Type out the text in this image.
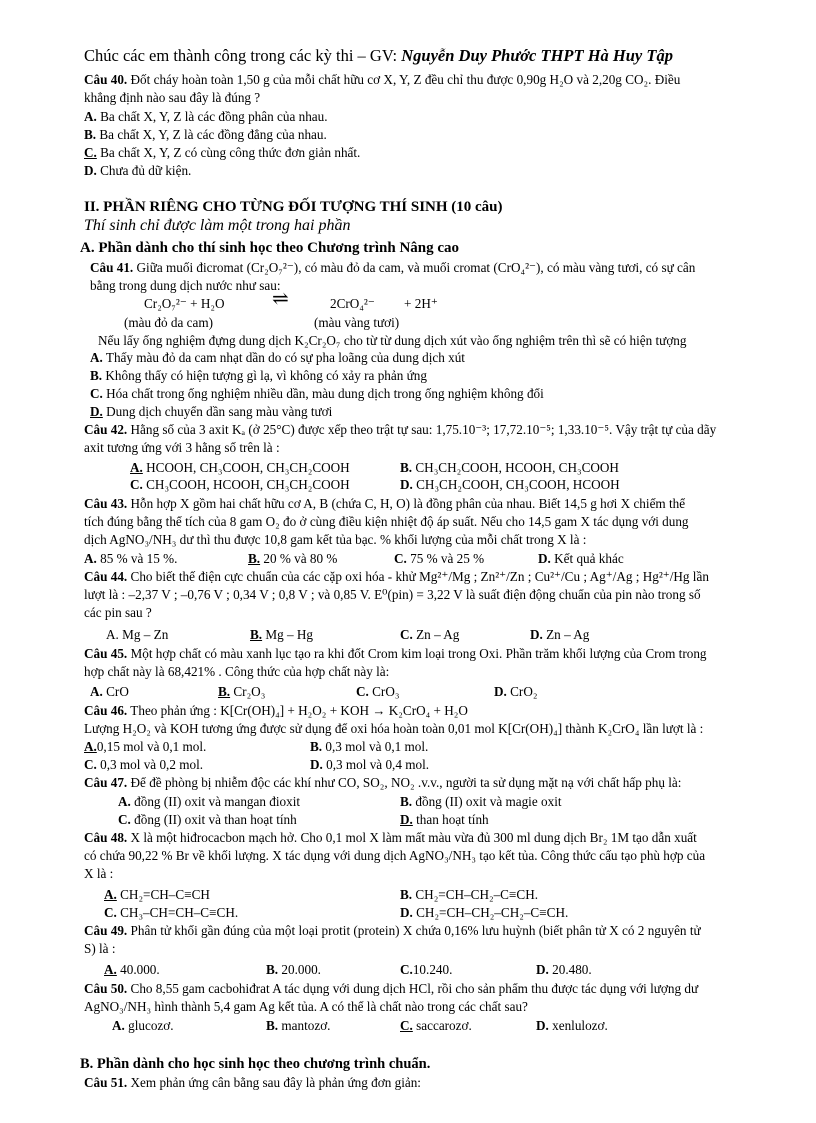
Chúc các em thành công trong các kỳ thi – GV: Nguyễn Duy Phước THPT Hà Huy Tập
Câu 40. Đốt cháy hoàn toàn 1,50 g của mỗi chất hữu cơ X, Y, Z đều chỉ thu được 0,90g H₂O và 2,20g CO₂. Điều
khẳng định nào sau đây là đúng ?
A. Ba chất X, Y, Z là các đồng phân của nhau.
B. Ba chất X, Y, Z là các đồng đẳng của nhau.
C. Ba chất X, Y, Z có cùng công thức đơn giản nhất.
D. Chưa đủ dữ kiện.
II. PHẦN RIÊNG CHO TỪNG ĐỐI TƯỢNG THÍ SINH (10 câu)
Thí sinh chỉ được làm một trong hai phần
A. Phần dành cho thí sinh học theo Chương trình Nâng cao
Câu 41. Giữa muối đicromat (Cr₂O₇²⁻), có màu đỏ da cam, và muối cromat (CrO₄²⁻), có màu vàng tươi, có sự cân
bằng trong dung dịch nước như sau:
Cr₂O₇²⁻ + H₂O ⇌	2CrO₄²⁻ + 2H⁺
(màu đỏ da cam)	(màu vàng tươi)
Nếu lấy ống nghiệm đựng dung dịch K₂Cr₂O₇ cho từ từ dung dịch xút vào ống nghiệm trên thì sẽ có hiện tượng
A. Thấy màu đỏ da cam nhạt dần do có sự pha loãng của dung dịch xút
B. Không thấy có hiện tượng gì lạ, vì không có xảy ra phản ứng
C. Hóa chất trong ống nghiệm nhiều dần, màu dung dịch trong ống nghiệm không đổi
D. Dung dịch chuyển dần sang màu vàng tươi
Câu 42. Hằng số của 3 axit Kₐ (ở 25°C) được xếp theo trật tự sau: 1,75.10⁻³; 17,72.10⁻⁵; 1,33.10⁻⁵. Vậy trật tự của dãy
axit tương ứng với 3 hằng số trên là :
A. HCOOH, CH₃COOH, CH₃CH₂COOH	B. CH₃CH₂COOH, HCOOH, CH₃COOH
C. CH₃COOH, HCOOH, CH₃CH₂COOH	D. CH₃CH₂COOH, CH₃COOH, HCOOH
Câu 43. Hỗn hợp X gồm hai chất hữu cơ A, B (chứa C, H, O) là đồng phân của nhau. Biết 14,5 g hơi X chiếm thể
tích đúng bằng thể tích của 8 gam O₂ đo ở cùng điều kiện nhiệt độ áp suất. Nếu cho 14,5 gam X tác dụng với dung
dịch AgNO₃/NH₃ dư thì thu được 10,8 gam kết tủa bạc. % khối lượng của mỗi chất trong X là :
A. 85 % và 15 %.	B. 20 % và 80 %	C. 75 % và 25 %	D. Kết quả khác
Câu 44. Cho biết thế điện cực chuẩn của các cặp oxi hóa - khử Mg²⁺/Mg ; Zn²⁺/Zn ; Cu²⁺/Cu ; Ag⁺/Ag ; Hg²⁺/Hg lần
lượt là : –2,37 V ; –0,76 V ; 0,34 V ; 0,8 V ; và 0,85 V. E⁰(pin) = 3,22 V là suất điện động chuẩn của pin nào trong số
các pin sau ?
A. Mg – Zn	B. Mg – Hg	C. Zn – Ag	D. Zn – Ag
Câu 45. Một hợp chất có màu xanh lục tạo ra khi đốt Crom kim loại trong Oxi. Phần trăm khối lượng của Crom trong
hợp chất này là 68,421% . Công thức của hợp chất này là:
A. CrO	B. Cr₂O₃	C. CrO₃	D. CrO₂
Câu 46. Theo phản ứng : K[Cr(OH)₄] + H₂O₂ + KOH → K₂CrO₄ + H₂O
Lượng H₂O₂ và KOH tương ứng được sử dụng để oxi hóa hoàn toàn 0,01 mol K[Cr(OH)₄] thành K₂CrO₄ lần lượt là :
A.0,15 mol và 0,1 mol.	B. 0,3 mol và 0,1 mol.
C. 0,3 mol và 0,2 mol.	D. 0,3 mol và 0,4 mol.
Câu 47. Để đề phòng bị nhiễm độc các khí như CO, SO₂, NO₂ .v.v., người ta sử dụng mặt nạ với chất hấp phụ là:
A. đồng (II) oxit và mangan đioxit	B. đồng (II) oxit và magie oxit
C. đồng (II) oxit và than hoạt tính	D. than hoạt tính
Câu 48. X là một hiđrocacbon mạch hở. Cho 0,1 mol X làm mất màu vừa đủ 300 ml dung dịch Br₂ 1M tạo dẫn xuất
có chứa 90,22 % Br về khối lượng. X tác dụng với dung dịch AgNO₃/NH₃ tạo kết tủa. Công thức cấu tạo phù hợp của
X là :
A. CH₂=CH–C≡CH	B. CH₂=CH–CH₂–C≡CH.
C. CH₃–CH=CH–C≡CH.	D. CH₂=CH–CH₂–CH₂–C≡CH.
Câu 49. Phân tử khối gần đúng của một loại protit (protein) X chứa 0,16% lưu huỳnh (biết phân tử X có 2 nguyên tử
S) là :
A. 40.000.	B. 20.000.	C.10.240.	D. 20.480.
Câu 50. Cho 8,55 gam cacbohiđrat A tác dụng với dung dịch HCl, rồi cho sản phẩm thu được tác dụng với lượng dư
AgNO₃/NH₃ hình thành 5,4 gam Ag kết tủa. A có thể là chất nào trong các chất sau?
A. glucozơ.	B. mantozơ.	C. saccarozơ.	D. xenlulozơ.
B. Phần dành cho học sinh học theo chương trình chuẩn.
Câu 51. Xem phản ứng cân bằng sau đây là phản ứng đơn giản:
